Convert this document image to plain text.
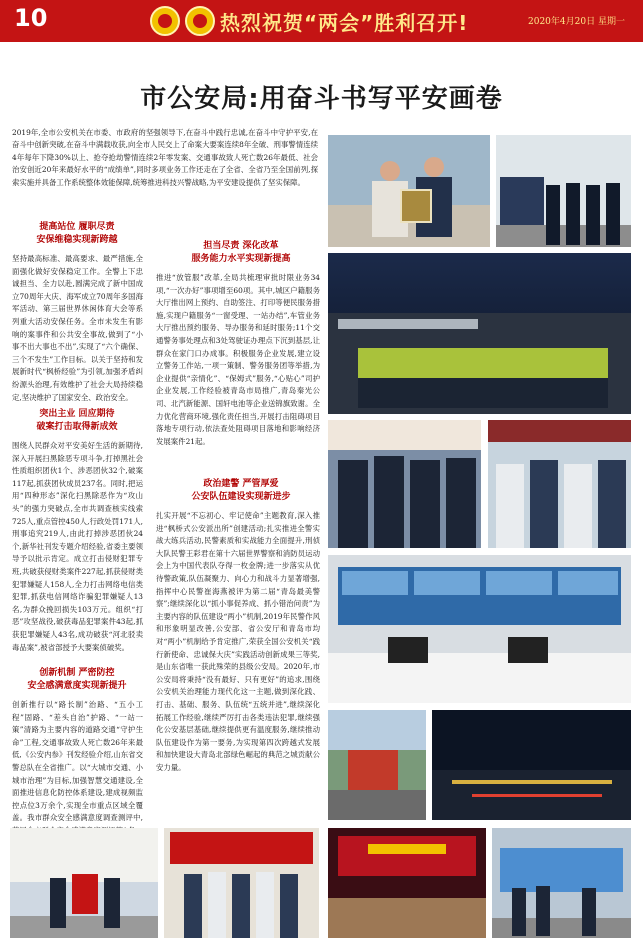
10	热烈祝贺“两会”胜利召开!	2020年4月20日 星期一
市公安局:用奋斗书写平安画卷

2019年,全市公安机关在市委、市政府的坚强领导下,在奋斗中践行忠诚,在奋斗中守护平安,在奋斗中创新突破,在奋斗中满载收获,向全市人民交上了命案大要案连续8年全破、刑事警情连续4年每年下降30%以上、抢夺抢劫警情连续2年零发案、交通事故致人死亡数26年最低、社会治安创近20年来最好水平的“成绩单”,同时多项业务工作还走在了全省、全省乃至全国前列,探索实施并具备工作系统整体效能保障,统筹推进科技兴警战略,为平安建设提供了坚实保障。

提高站位 履职尽责
安保维稳实现新跨越

坚持最高标准、最高要求、最严措施,全面强化做好安保稳定工作。全警上下忠诚担当、全力以赴,圆满完成了新中国成立70周年大庆、海军成立70周年多国海军活动、第三届世界休闲体育大会等系列重大活动安保任务。全市未发生有影响的案事件和公共安全事故,做到了“小事不出大事也不出”,实现了“六个确保、三个不发生”工作目标。以关于坚持和发展新时代“枫桥经验”为引领,加强矛盾纠纷源头治理,有效维护了社会大局持续稳定,坚决维护了国家安全、政治安全。

突出主业 回应期待
破案打击取得新成效

围绕人民群众对平安美好生活的新期待,深入开展扫黑除恶专项斗争,打掉黑社会性质组织团伙1个、涉恶团伙32个,破案117起,抓获团伙成员237名。同时,把运用“四种形态”深化扫黑除恶作为“攻山头”的强力突破点,全市共调查核实线索725人,重点管控450人,行政处罚171人,刑事追究219人,由此打掉涉恶团伙24个,新华社刊发专题介绍经验,省委主要领导予以批示肯定。成立打击侵财犯罪专班,共破获侵财类案件227起,抓获侵财类犯罪嫌疑人158人,全力打击网络电信类犯罪,抓获电信网络诈骗犯罪嫌疑人13名,为群众挽回损失103万元。组织“打恶”攻坚战役,破获毒品犯罪案件43起,抓获犯罪嫌疑人43名,成功破获“河北驳卖毒品案”,被省部授予大要案侦破奖。

创新机制 严密防控
安全感满意度实现新提升

创新推行以“路长制”治路、“五小工程”固路、“差头自治”护路、“一站一策”清路为主要内容的道路交通“守护生命”工程,交通事故致人死亡数26年来最低,《公安内参》刊发经验介绍,山东省交警总队在全省推广。以“大城市交通、小城市治理”为目标,加强智慧交通建设,全面推进信息化防控体系建设,建成视频监控点位3万余个,实现全市重点区域全覆盖。我市群众安全感满意度调查测评中,

担当尽责 深化改革
服务能力水平实现新提高

推进“放管服”改革,全局共梳理审批时限业务34项,“一次办好”事项增至60项。其中,城区户籍服务大厅推出网上预约、自助签注、打印等便民服务措施,实现户籍服务“一窗受理、一站办结”,车管业务大厅推出预约服务、导办服务和延时服务;11个交通警务事处理点和3处驾驶证办理点下沉到基层,让群众在家门口办成事。积极服务企业发展,建立设立警务工作站,一项一策制、警务服务团等举措,为企业提供“亲情化”、“保姆式”服务,“心贴心”司护企业发展,工作经验被青岛市局推广,青岛秦光公司、北汽新能源、国轩电池等企业送锦旗致谢。全力优化营商环境,强化责任担当,开展打击阻碍项目落地专项行动,依法查处阻碍项目落地和影响经济发展案件21起。

政治建警 严管厚爱
公安队伍建设实现新进步

扎实开展“不忘初心、牢记使命”主题教育,深入推进“枫桥式公安派出所”创建活动;扎实推进全警实战大练兵活动,民警素质和实战能力全面提升,刑侦大队民警王彩君在第十六届世界警察和消防员运动会上为中国代表队夺得一枚金牌;进一步落实从优待警政策,队伍凝聚力、向心力和战斗力显著增强,指挥中心民警崔海燕被评为第二届“青岛最美警察”;继续深化以“抓小事促养成、抓小错治问责”为主要内容的队伍建设“两小”机制,2019年民警作风和形象明显改善,公安部、省公安厅和青岛市均对“两小”机制给予肯定推广,荣获全国公安机关“践行新使命、忠诚保大庆”实践活动创新成果三等奖,是山东省唯一获此殊荣的县级公安局。2020年,市公安局将秉持“没有最好、只有更好”的追求,围绕公安机关治理能力现代化这一主题,做到深化践、打击、基础、服务、队伍统“五统并进”,继续深化拓展工作经验,继续严厉打击各类违法犯罪,继续强化公安基层基础,继续提供更有温度服务,继续推动队伍建设作为第一要务,为实现第四次跨越式发展和加快建设大青岛北部绿色崛起的典范之城贡献公安力量。
